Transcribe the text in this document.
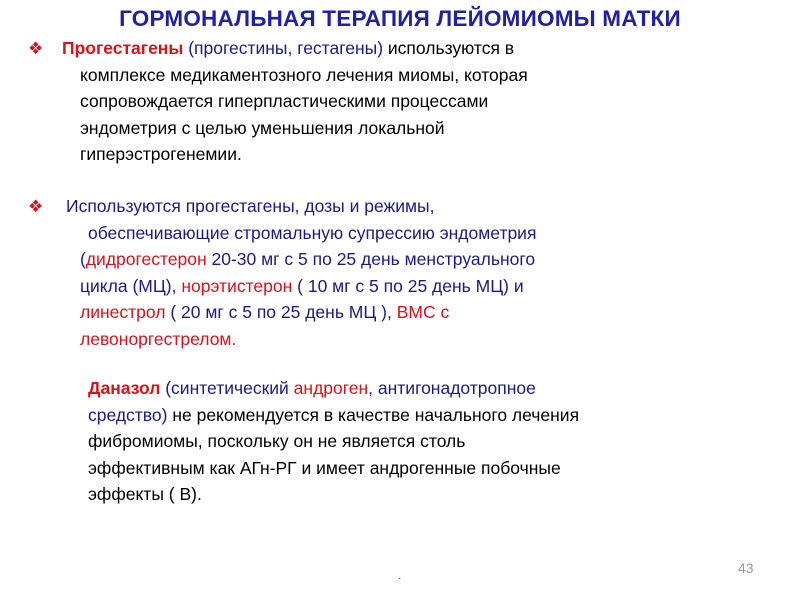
ГОРМОНАЛЬНАЯ ТЕРАПИЯ ЛЕЙОМИОМЫ МАТКИ
❖ Прогестагены (прогестины, гестагены) используются в
комплексе медикаментозного лечения миомы, которая
сопровождается гиперпластическими процессами
эндометрия с целью уменьшения локальной
гиперэстрогенемии.
❖ Используются прогестагены, дозы и режимы,
обеспечивающие стромальную супрессию эндометрия
(дидрогестерон 20-30 мг с 5 по 25 день менструального
цикла (МЦ), норэтистерон ( 10 мг с 5 по 25 день МЦ) и
линестрол ( 20 мг с 5 по 25 день МЦ ), ВМС с
левоноргестрелом.
Даназол (синтетический андроген, антигонадотропное
средство) не рекомендуется в качестве начального лечения
фибромиомы, поскольку он не является столь
эффективным как АГн-РГ и имеет андрогенные побочные
эффекты ( В).
.	43
